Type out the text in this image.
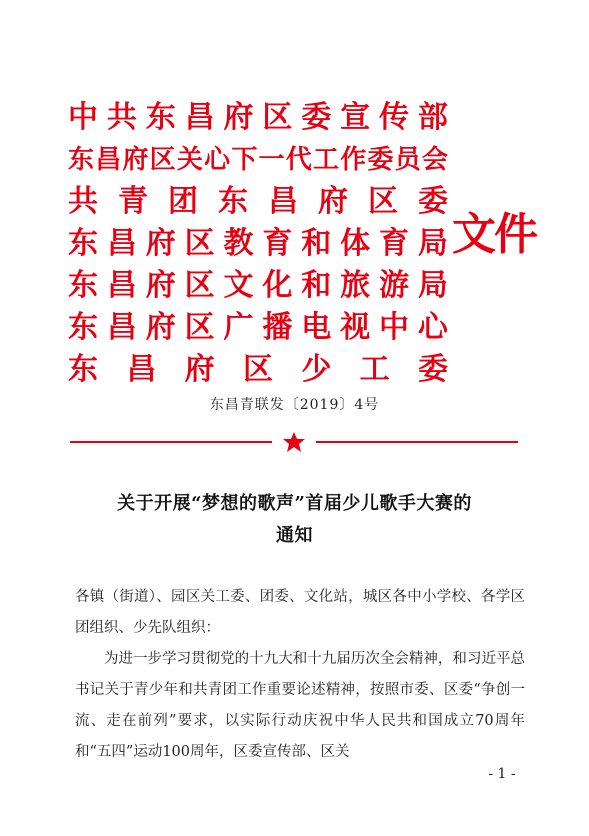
中 共 东 昌 府 区 委 宣 传 部
东 昌 府 区 关 心 下 一 代 工 作 委 员 会
共 青 团 东 昌 府 区 委
东 昌 府 区 教 育 和 体 育 局
东 昌 府 区 文 化 和 旅 游 局
东 昌 府 区 广 播 电 视 中 心
东 昌 府 区 少 工 委
文件
东昌青联发〔2019〕4号
关于开展“梦想的歌声”首届少儿歌手大赛的
通知

各镇（街道）、园区关工委、团委、文化站，城区各中小学校、各学区团组织、少先队组织：

为进一步学习贯彻党的十九大和十九届历次全会精神，和习近平总书记关于青少年和共青团工作重要论述精神，按照市委、区委“争创一流、走在前列”要求，以实际行动庆祝中华人民共和国成立70周年和“五四”运动100周年，区委宣传部、区关

- 1 -
